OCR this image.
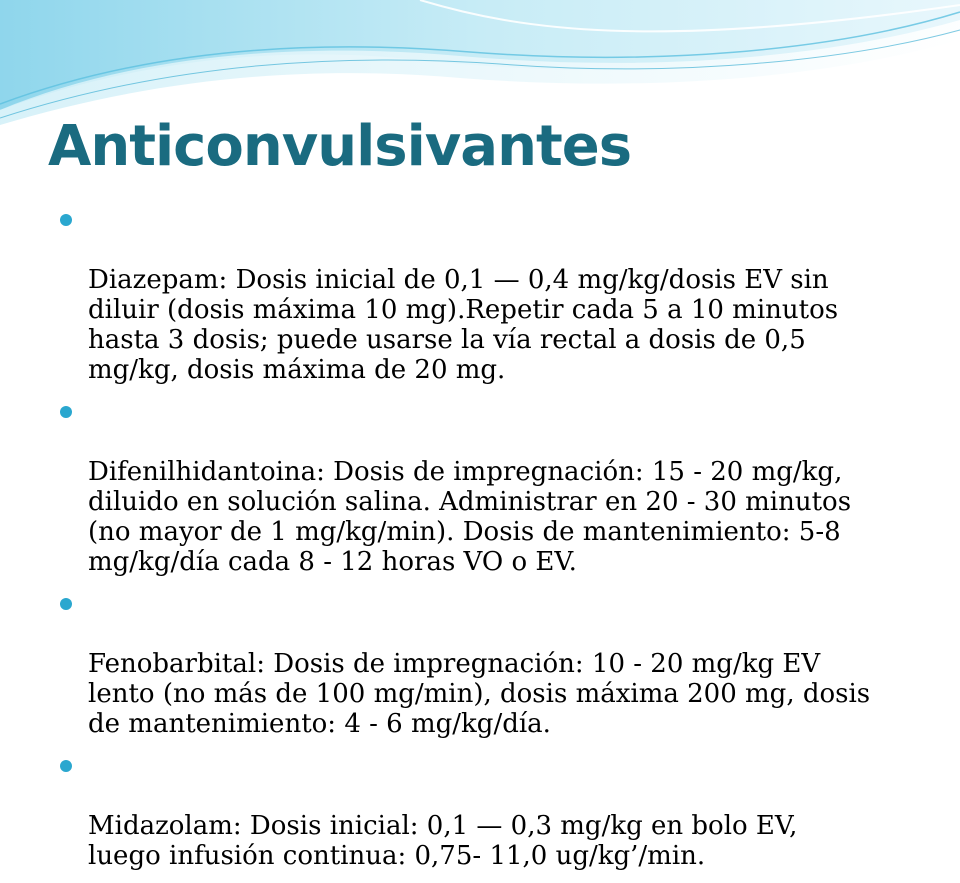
Anticonvulsivantes

Diazepam: Dosis inicial de 0,1 — 0,4 mg/kg/dosis EV sin
diluir (dosis máxima 10 mg).Repetir cada 5 a 10 minutos
hasta 3 dosis; puede usarse la vía rectal a dosis de 0,5
mg/kg, dosis máxima de 20 mg.

Difenilhidantoina: Dosis de impregnación: 15 - 20 mg/kg,
diluido en solución salina. Administrar en 20 - 30 minutos
(no mayor de 1 mg/kg/min). Dosis de mantenimiento: 5-8
mg/kg/día cada 8 - 12 horas VO o EV.

Fenobarbital: Dosis de impregnación: 10 - 20 mg/kg EV
lento (no más de 100 mg/min), dosis máxima 200 mg, dosis
de mantenimiento: 4 - 6 mg/kg/día.

Midazolam: Dosis inicial: 0,1 — 0,3 mg/kg en bolo EV,
luego infusión continua: 0,75- 11,0 ug/kg’/min.
